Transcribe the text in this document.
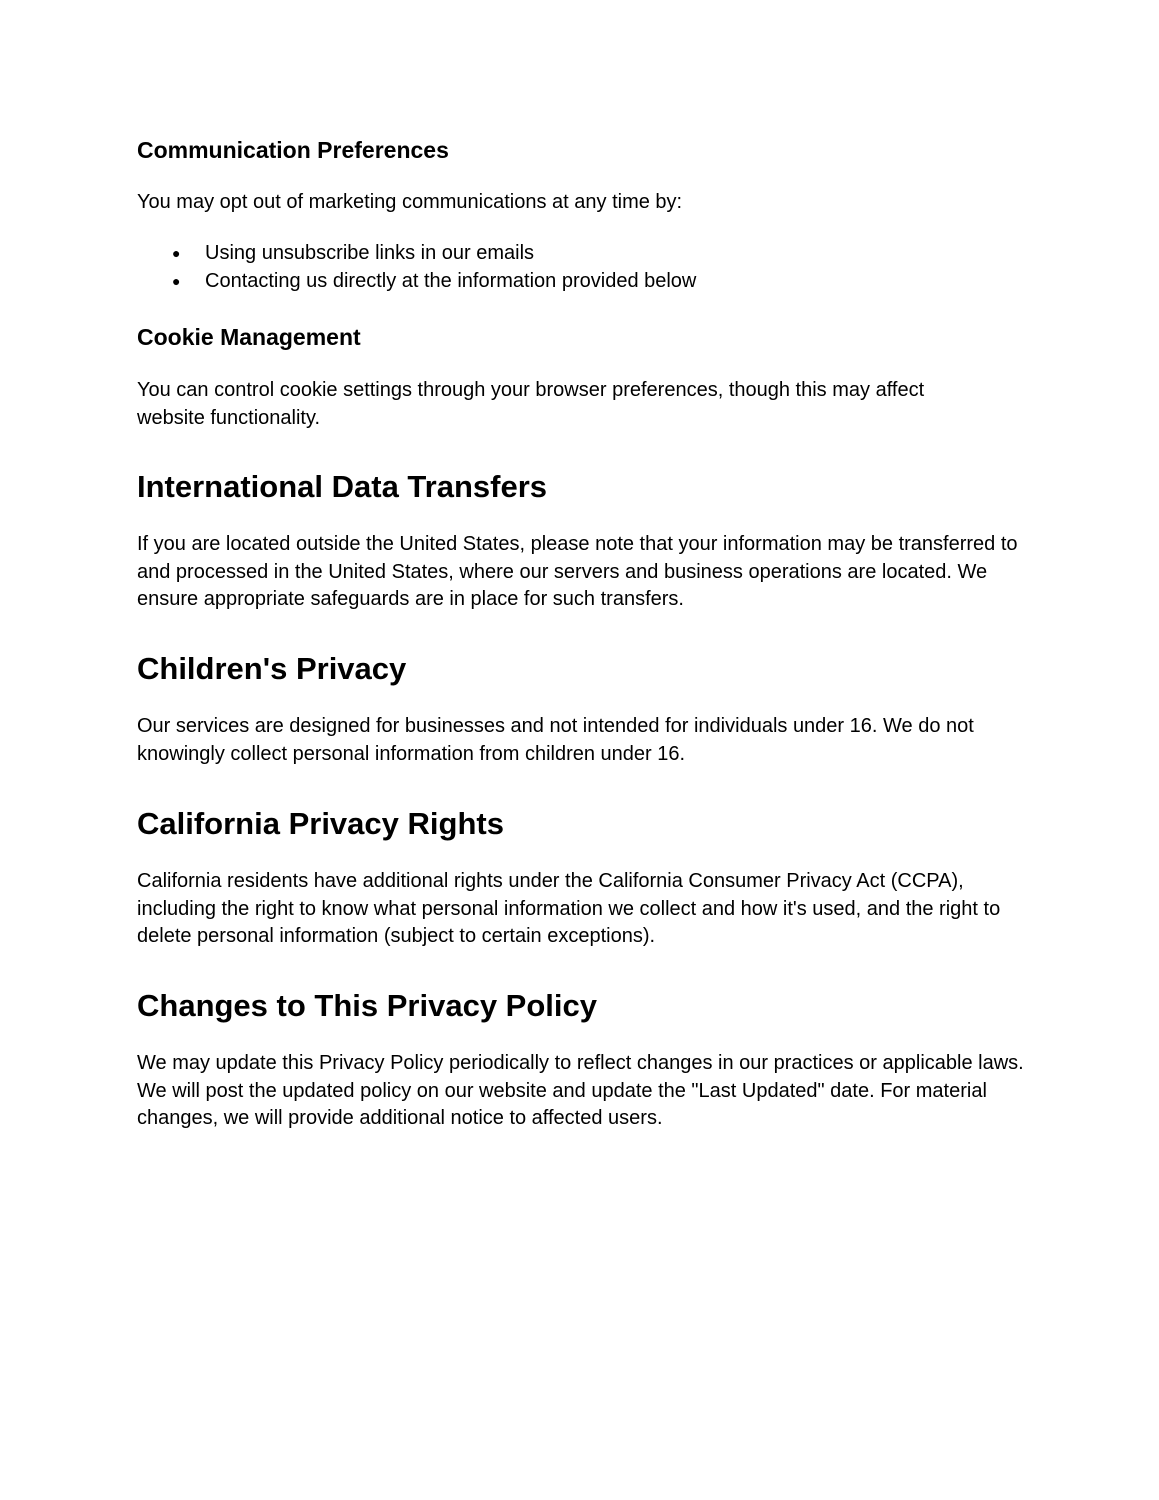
Communication Preferences

You may opt out of marketing communications at any time by:

● Using unsubscribe links in our emails
● Contacting us directly at the information provided below
Cookie Management

You can control cookie settings through your browser preferences, though this may affect website functionality.

International Data Transfers

If you are located outside the United States, please note that your information may be transferred to and processed in the United States, where our servers and business operations are located. We ensure appropriate safeguards are in place for such transfers.

Children's Privacy

Our services are designed for businesses and not intended for individuals under 16. We do not knowingly collect personal information from children under 16.

California Privacy Rights

California residents have additional rights under the California Consumer Privacy Act (CCPA), including the right to know what personal information we collect and how it's used, and the right to delete personal information (subject to certain exceptions).

Changes to This Privacy Policy

We may update this Privacy Policy periodically to reflect changes in our practices or applicable laws. We will post the updated policy on our website and update the "Last Updated" date. For material changes, we will provide additional notice to affected users.
